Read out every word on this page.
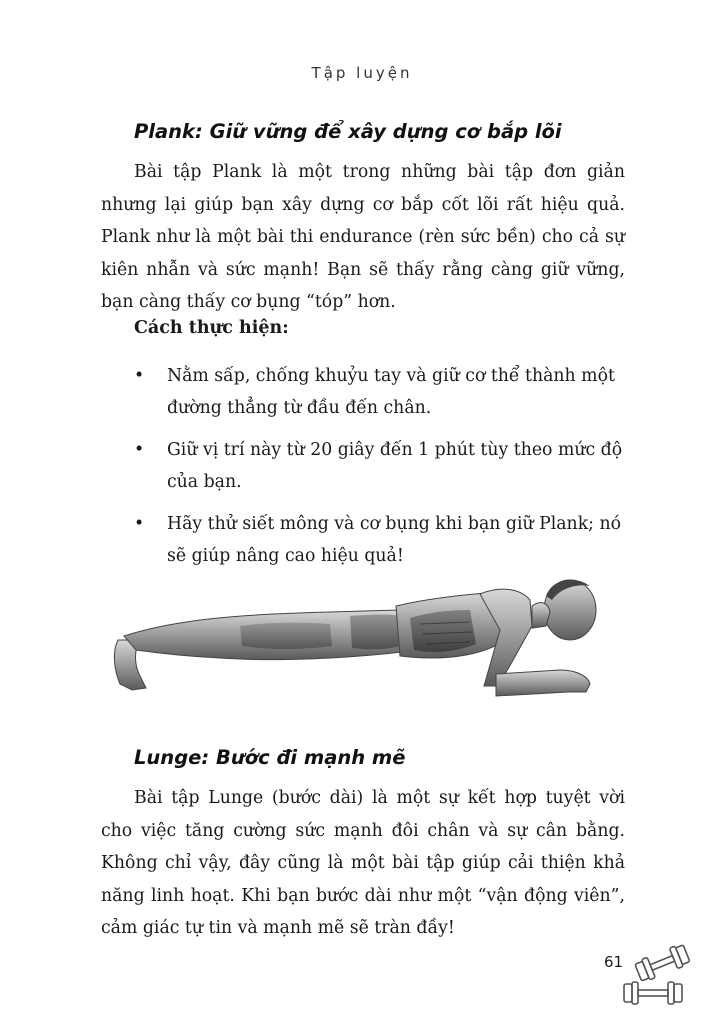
Tập luyện
Plank: Giữ vững để xây dựng cơ bắp lõi
Bài tập Plank là một trong những bài tập đơn giản nhưng lại giúp bạn xây dựng cơ bắp cốt lõi rất hiệu quả. Plank như là một bài thi endurance (rèn sức bền) cho cả sự kiên nhẫn và sức mạnh! Bạn sẽ thấy rằng càng giữ vững, bạn càng thấy cơ bụng “tóp” hơn.
Cách thực hiện:
• Nằm sấp, chống khuỷu tay và giữ cơ thể thành một đường thẳng từ đầu đến chân.
• Giữ vị trí này từ 20 giây đến 1 phút tùy theo mức độ của bạn.
• Hãy thử siết mông và cơ bụng khi bạn giữ Plank; nó sẽ giúp nâng cao hiệu quả!
Lunge: Bước đi mạnh mẽ
Bài tập Lunge (bước dài) là một sự kết hợp tuyệt vời cho việc tăng cường sức mạnh đôi chân và sự cân bằng. Không chỉ vậy, đây cũng là một bài tập giúp cải thiện khả năng linh hoạt. Khi bạn bước dài như một “vận động viên”, cảm giác tự tin và mạnh mẽ sẽ tràn đầy!
61
